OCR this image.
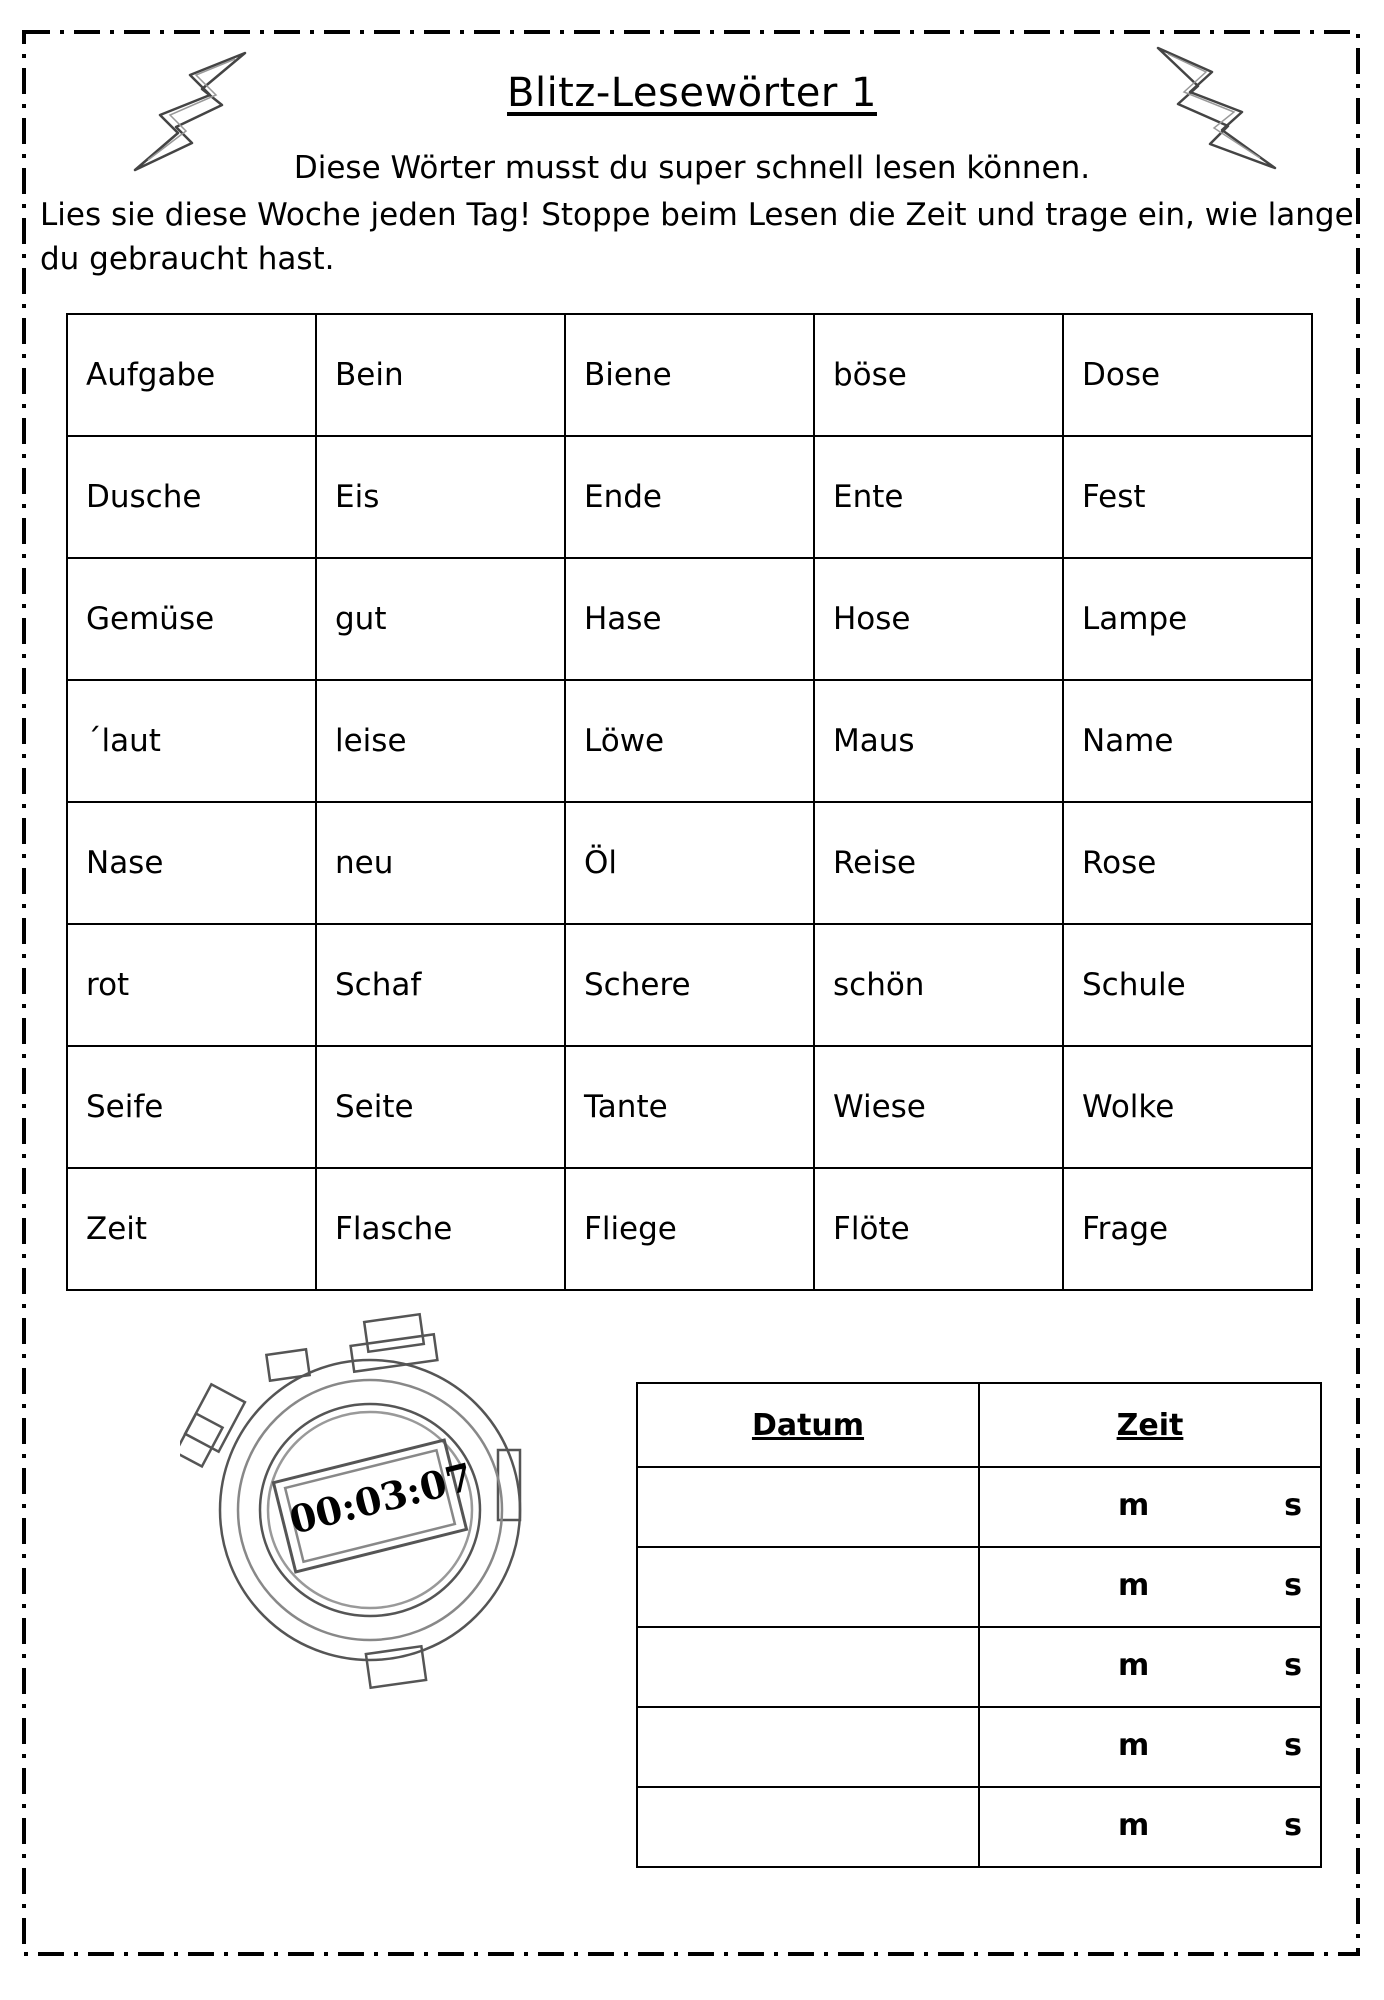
Blitz-Lesewörter 1
Diese Wörter musst du super schnell lesen können.
Lies sie diese Woche jeden Tag! Stoppe beim Lesen die Zeit und trage ein, wie lange du gebraucht hast.
Aufgabe	Bein	Biene	böse	Dose
Dusche	Eis	Ende	Ente	Fest
Gemüse	gut	Hase	Hose	Lampe
´laut	leise	Löwe	Maus	Name
Nase	neu	Öl	Reise	Rose
rot	Schaf	Schere	schön	Schule
Seife	Seite	Tante	Wiese	Wolke
Zeit	Flasche	Fliege	Flöte	Frage
00:03:07
Datum	Zeit

	m s

	m s

	m s

	m s

	m s
